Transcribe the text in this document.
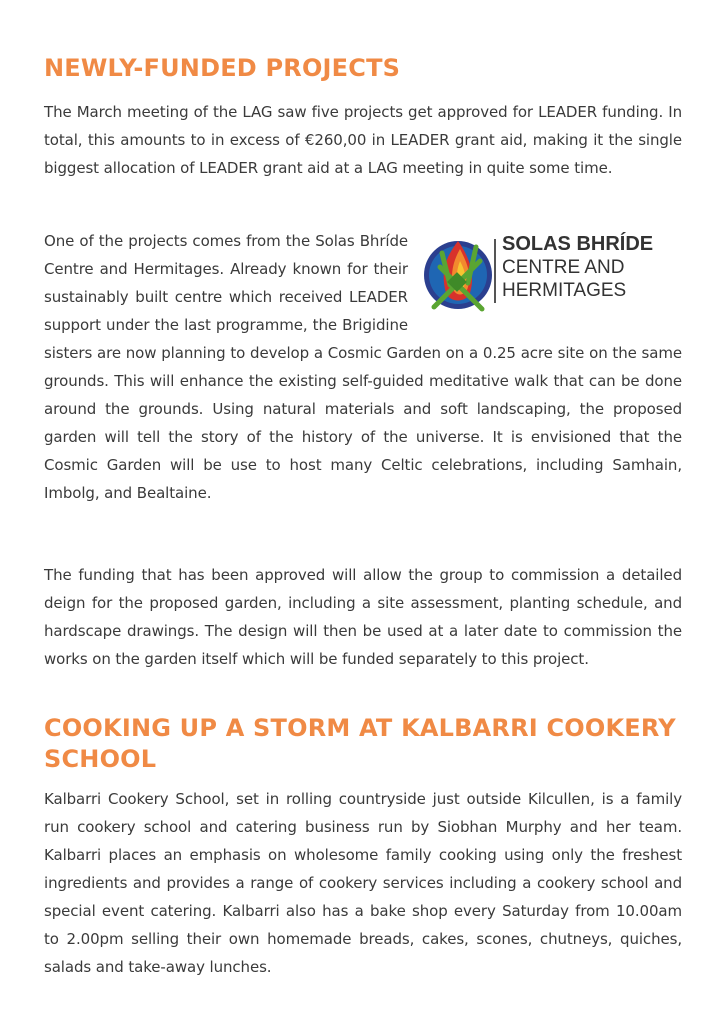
NEWLY-FUNDED PROJECTS

The March meeting of the LAG saw five projects get approved for LEADER funding. In total, this amounts to in excess of €260,00 in LEADER grant aid, making it the single biggest allocation of LEADER grant aid at a LAG meeting in quite some time.

SOLAS BHRÍDE
CENTRE AND
HERMITAGES

One of the projects comes from the Solas Bhríde Centre and Hermitages. Already known for their sustainably built centre which received LEADER support under the last programme, the Brigidine sisters are now planning to develop a Cosmic Garden on a 0.25 acre site on the same grounds. This will enhance the existing self-guided meditative walk that can be done around the grounds. Using natural materials and soft landscaping, the proposed garden will tell the story of the history of the universe. It is envisioned that the Cosmic Garden will be use to host many Celtic celebrations, including Samhain, Imbolg, and Bealtaine.

The funding that has been approved will allow the group to commission a detailed deign for the proposed garden, including a site assessment, planting schedule, and hardscape drawings. The design will then be used at a later date to commission the works on the garden itself which will be funded separately to this project.

COOKING UP A STORM AT KALBARRI COOKERY SCHOOL

Kalbarri Cookery School, set in rolling countryside just outside Kilcullen, is a family run cookery school and catering business run by Siobhan Murphy and her team. Kalbarri places an emphasis on wholesome family cooking using only the freshest ingredients and provides a range of cookery services including a cookery school and special event catering. Kalbarri also has a bake shop every Saturday from 10.00am to 2.00pm selling their own homemade breads, cakes, scones, chutneys, quiches, salads and take-away lunches.
